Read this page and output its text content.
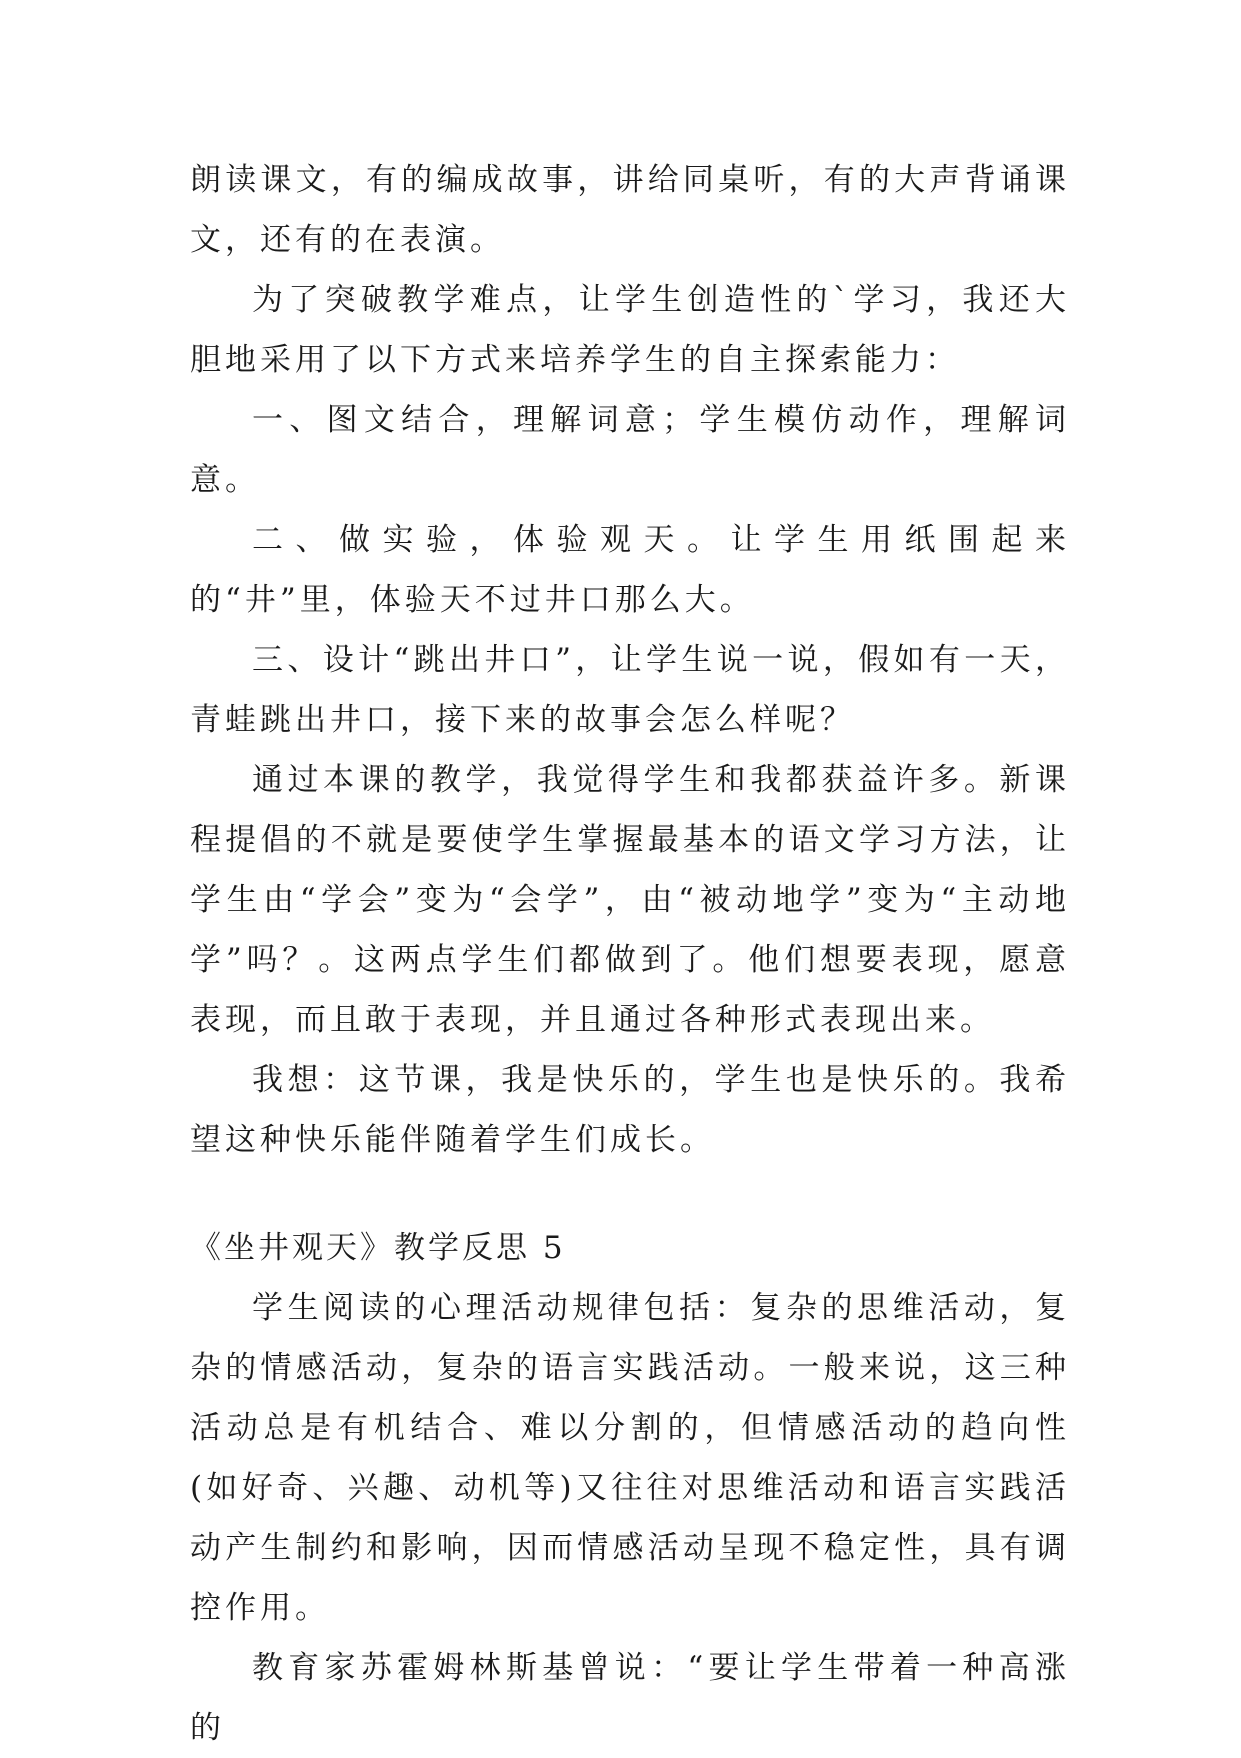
朗读课文，有的编成故事，讲给同桌听，有的大声背诵课文，还有的在表演。

为了突破教学难点，让学生创造性的`学习，我还大胆地采用了以下方式来培养学生的自主探索能力：

一、图文结合，理解词意；学生模仿动作，理解词意。

二、做实验，体验观天。让学生用纸围起来的“井”里，体验天不过井口那么大。

三、设计“跳出井口”，让学生说一说，假如有一天，青蛙跳出井口，接下来的故事会怎么样呢？

通过本课的教学，我觉得学生和我都获益许多。新课程提倡的不就是要使学生掌握最基本的语文学习方法，让学生由“学会”变为“会学”，由“被动地学”变为“主动地学”吗？。这两点学生们都做到了。他们想要表现，愿意表现，而且敢于表现，并且通过各种形式表现出来。

我想：这节课，我是快乐的，学生也是快乐的。我希望这种快乐能伴随着学生们成长。

《坐井观天》教学反思 5

学生阅读的心理活动规律包括：复杂的思维活动，复杂的情感活动，复杂的语言实践活动。一般来说，这三种活动总是有机结合、难以分割的，但情感活动的趋向性(如好奇、兴趣、动机等)又往往对思维活动和语言实践活动产生制约和影响，因而情感活动呈现不稳定性，具有调控作用。

教育家苏霍姆林斯基曾说：“要让学生带着一种高涨的
